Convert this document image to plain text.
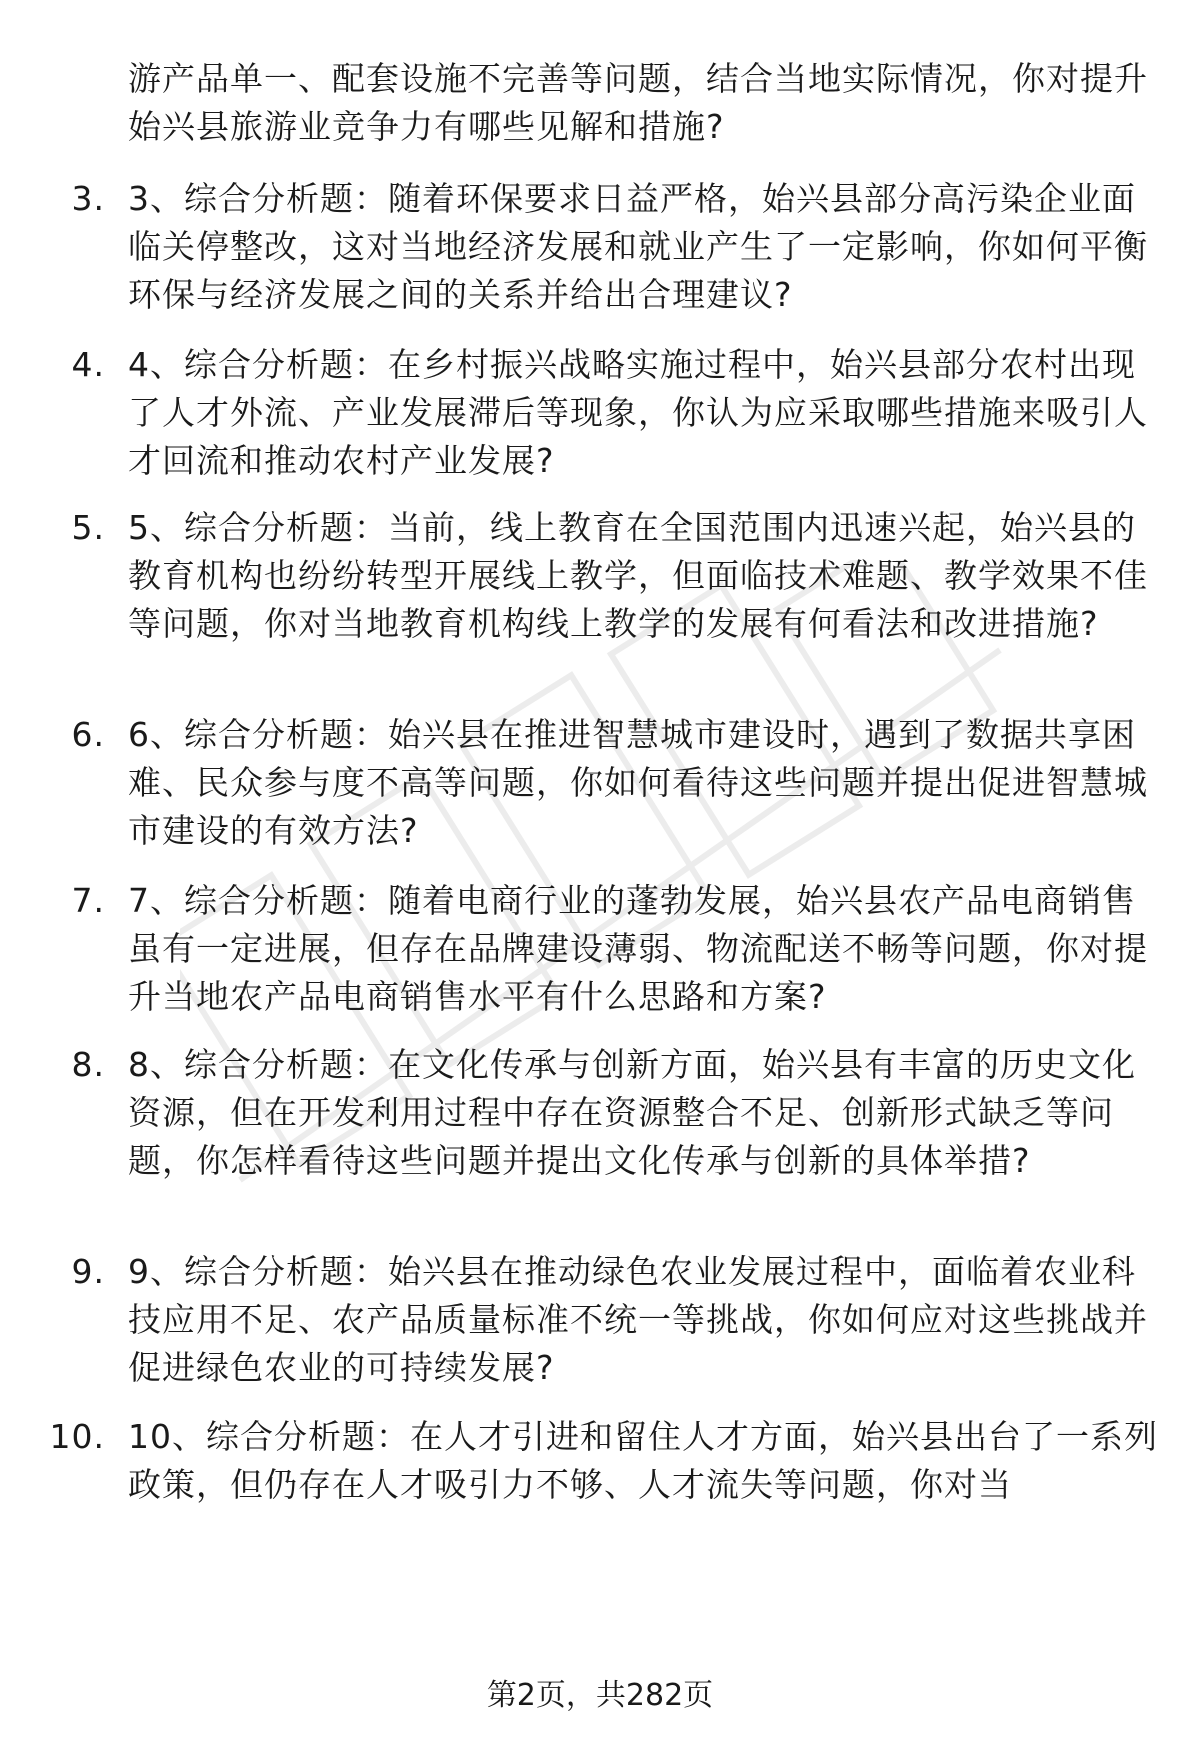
游产品单一、配套设施不完善等问题，结合当地实际情况，你对提升始兴县旅游业竞争力有哪些见解和措施?
3. 3、综合分析题：随着环保要求日益严格，始兴县部分高污染企业面临关停整改，这对当地经济发展和就业产生了一定影响，你如何平衡环保与经济发展之间的关系并给出合理建议?
4. 4、综合分析题：在乡村振兴战略实施过程中，始兴县部分农村出现了人才外流、产业发展滞后等现象，你认为应采取哪些措施来吸引人才回流和推动农村产业发展?
5. 5、综合分析题：当前，线上教育在全国范围内迅速兴起，始兴县的教育机构也纷纷转型开展线上教学，但面临技术难题、教学效果不佳等问题，你对当地教育机构线上教学的发展有何看法和改进措施?
6. 6、综合分析题：始兴县在推进智慧城市建设时，遇到了数据共享困难、民众参与度不高等问题，你如何看待这些问题并提出促进智慧城市建设的有效方法?
7. 7、综合分析题：随着电商行业的蓬勃发展，始兴县农产品电商销售虽有一定进展，但存在品牌建设薄弱、物流配送不畅等问题，你对提升当地农产品电商销售水平有什么思路和方案?
8. 8、综合分析题：在文化传承与创新方面，始兴县有丰富的历史文化资源，但在开发利用过程中存在资源整合不足、创新形式缺乏等问题，你怎样看待这些问题并提出文化传承与创新的具体举措?
9. 9、综合分析题：始兴县在推动绿色农业发展过程中，面临着农业科技应用不足、农产品质量标准不统一等挑战，你如何应对这些挑战并促进绿色农业的可持续发展?
10. 10、综合分析题：在人才引进和留住人才方面，始兴县出台了一系列政策，但仍存在人才吸引力不够、人才流失等问题，你对当
第2页，共282页
